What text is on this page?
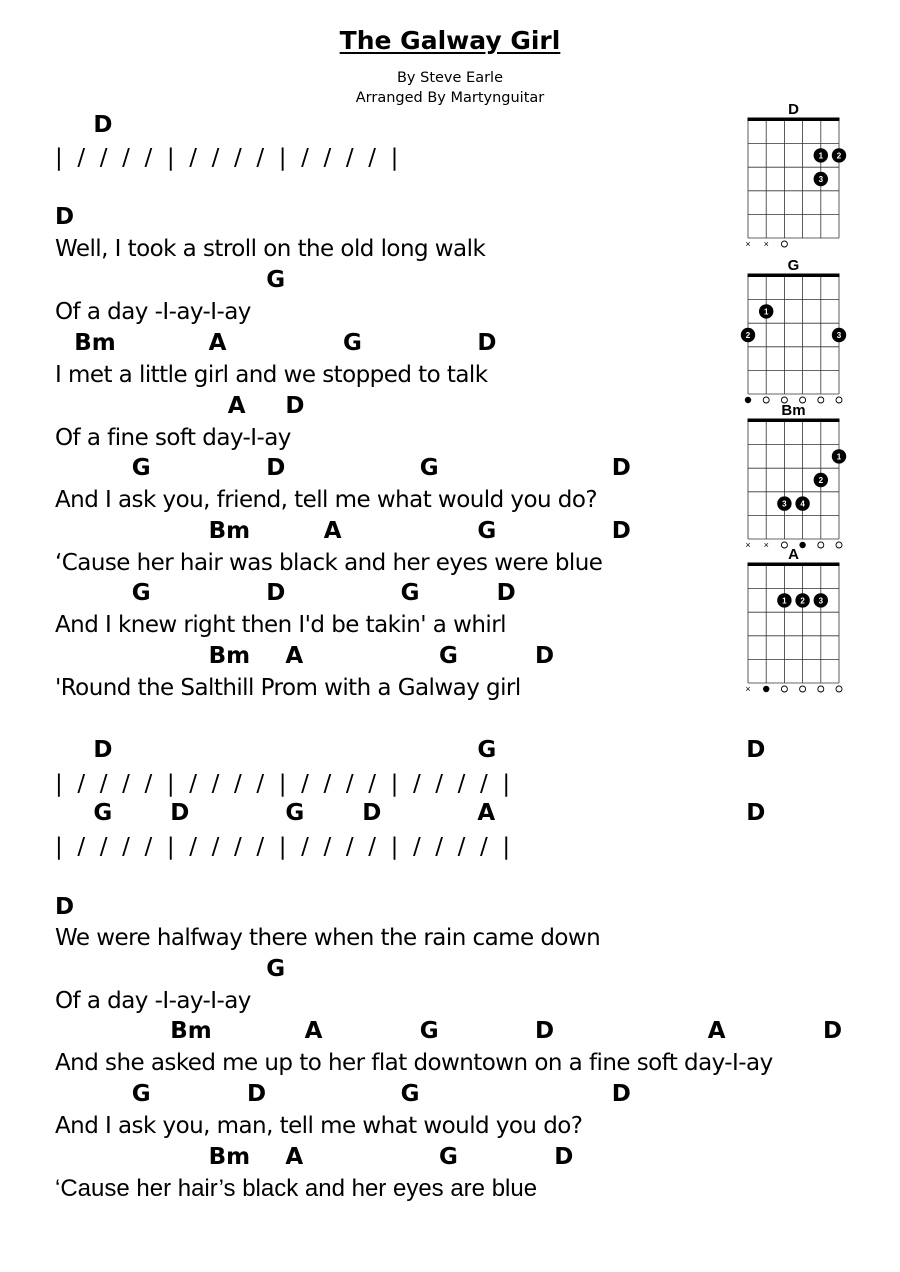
The Galway Girl
By Steve Earle
Arranged By Martynguitar
D
|  /  /  /  /  |  /  /  /  /  |  /  /  /  /  |
D
Well, I took a stroll on the old long walk
G
Of a day -I-ay-I-ay
Bm	A	G	D
I met a little girl and we stopped to talk
A D
Of a fine soft day-I-ay
G	D	G	D
And I ask you, friend, tell me what would you do?
Bm	A	G	D
‘Cause her hair was black and her eyes were blue
G	D	G	D
And I knew right then I'd be takin' a whirl
Bm A	G	D
'Round the Salthill Prom with a Galway girl
D	G	D
|  /  /  /  /  |  /  /  /  /  |  /  /  /  /  |  /  /  /  /  |
G	D	G	D	A	D
|  /  /  /  /  |  /  /  /  /  |  /  /  /  /  |  /  /  /  /  |
D
We were halfway there when the rain came down
G
Of a day -I-ay-I-ay
Bm	A	G	D	A	D
And she asked me up to her flat downtown on a fine soft day-I-ay
G	D	G	D
And I ask you, man, tell me what would you do?
Bm A	G	D
‘Cause her hair’s black and her eyes are blue
D
× ×
1 2
3
G
1
2	3
Bm
× ×
1
2
3 4
A
×
1 2 3
